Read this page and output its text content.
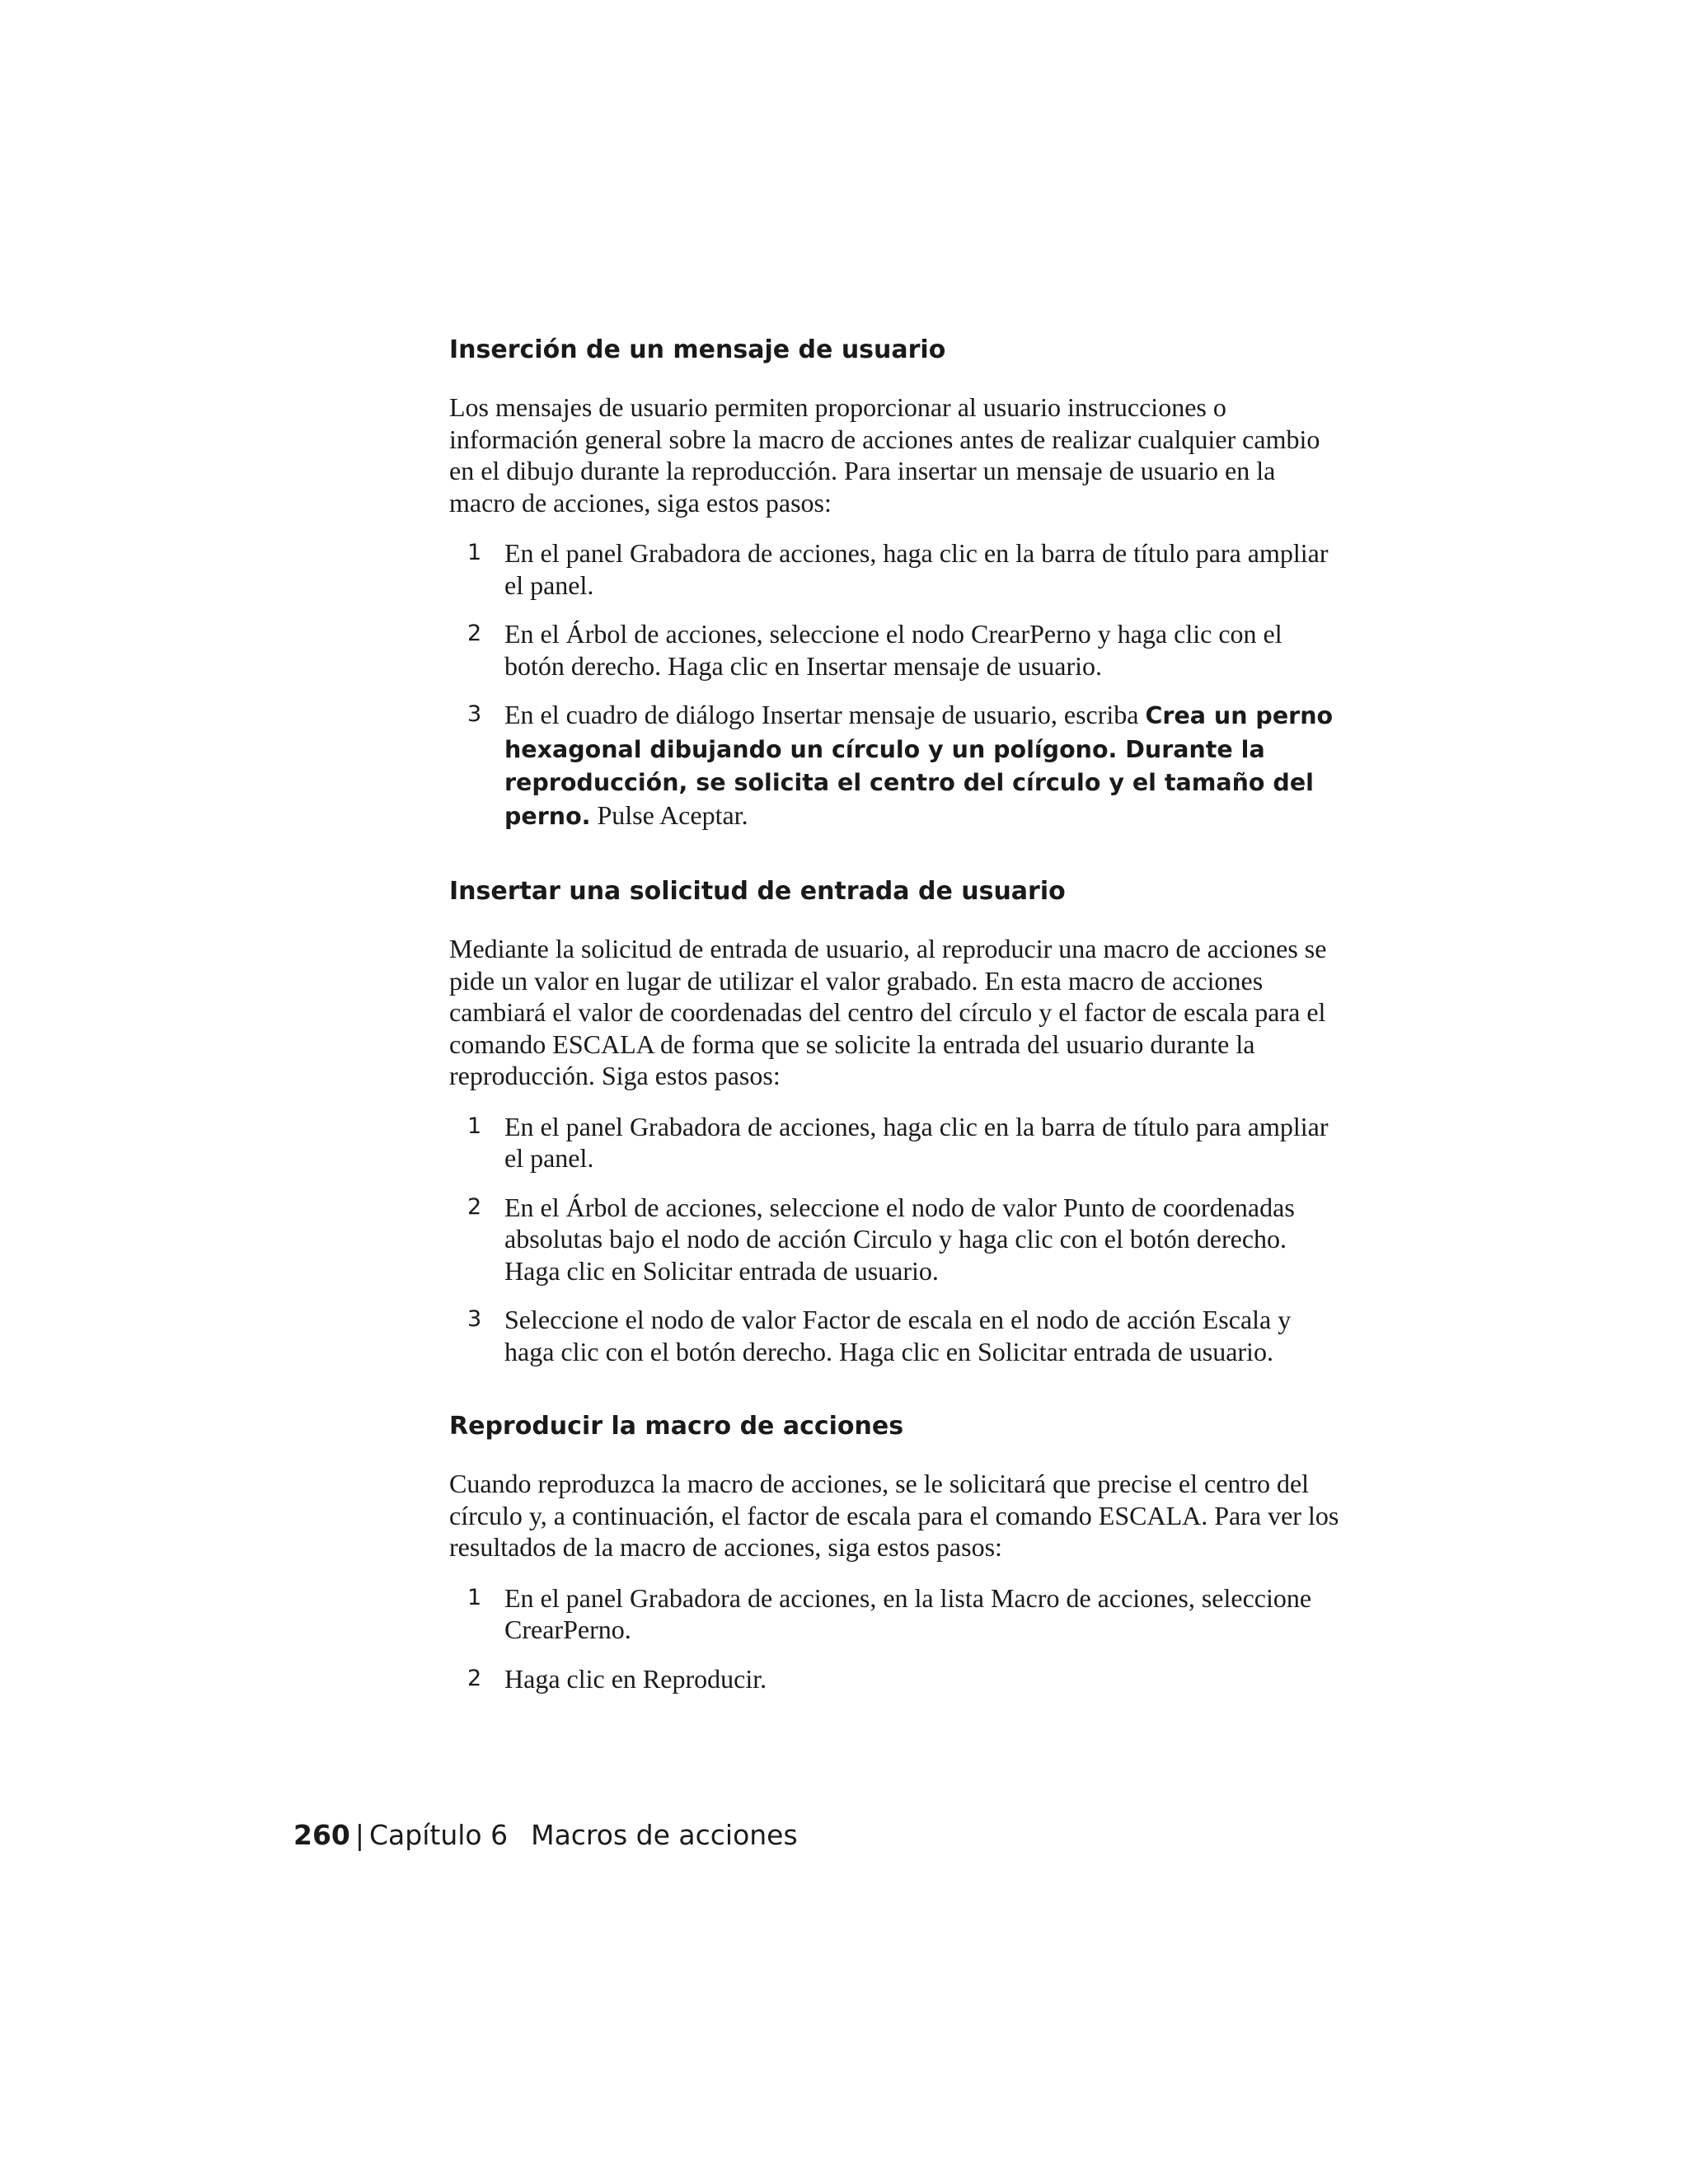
Inserción de un mensaje de usuario

Los mensajes de usuario permiten proporcionar al usuario instrucciones o información general sobre la macro de acciones antes de realizar cualquier cambio en el dibujo durante la reproducción. Para insertar un mensaje de usuario en la macro de acciones, siga estos pasos:

1 En el panel Grabadora de acciones, haga clic en la barra de título para ampliar el panel.
2 En el Árbol de acciones, seleccione el nodo CrearPerno y haga clic con el botón derecho. Haga clic en Insertar mensaje de usuario.
3 En el cuadro de diálogo Insertar mensaje de usuario, escriba Crea un perno hexagonal dibujando un círculo y un polígono. Durante la reproducción, se solicita el centro del círculo y el tamaño del perno. Pulse Aceptar.
Insertar una solicitud de entrada de usuario

Mediante la solicitud de entrada de usuario, al reproducir una macro de acciones se pide un valor en lugar de utilizar el valor grabado. En esta macro de acciones cambiará el valor de coordenadas del centro del círculo y el factor de escala para el comando ESCALA de forma que se solicite la entrada del usuario durante la reproducción. Siga estos pasos:

1 En el panel Grabadora de acciones, haga clic en la barra de título para ampliar el panel.
2 En el Árbol de acciones, seleccione el nodo de valor Punto de coordenadas absolutas bajo el nodo de acción Circulo y haga clic con el botón derecho. Haga clic en Solicitar entrada de usuario.
3 Seleccione el nodo de valor Factor de escala en el nodo de acción Escala y haga clic con el botón derecho. Haga clic en Solicitar entrada de usuario.
Reproducir la macro de acciones

Cuando reproduzca la macro de acciones, se le solicitará que precise el centro del círculo y, a continuación, el factor de escala para el comando ESCALA. Para ver los resultados de la macro de acciones, siga estos pasos:

1 En el panel Grabadora de acciones, en la lista Macro de acciones, seleccione CrearPerno.
2 Haga clic en Reproducir.
260 | Capítulo 6 Macros de acciones
